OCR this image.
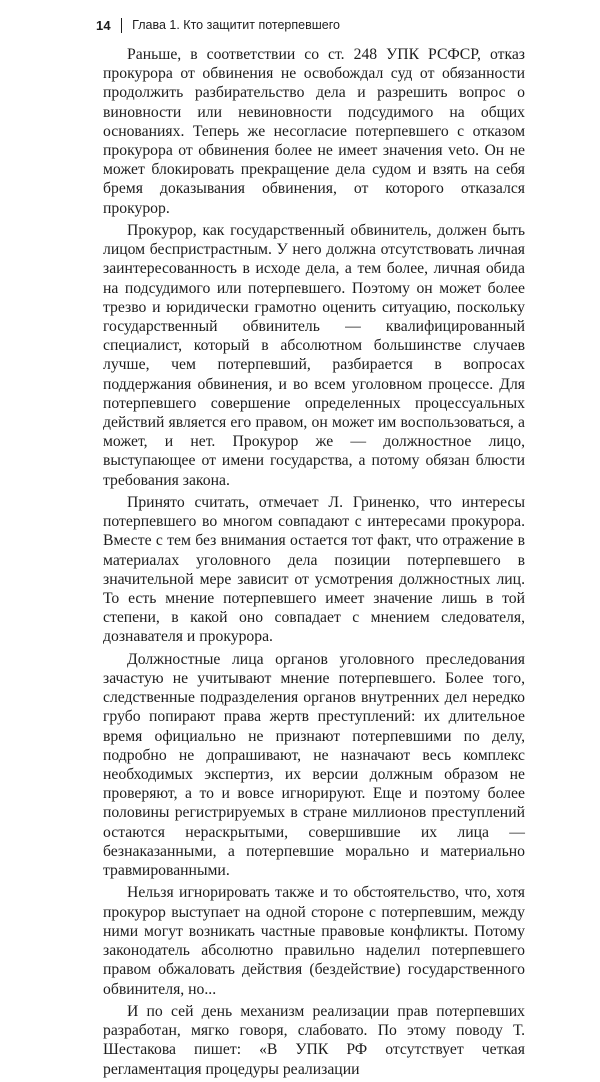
14 Глава 1. Кто защитит потерпевшего

Раньше, в соответствии со ст. 248 УПК РСФСР, отказ прокурора от обвинения не освобождал суд от обязанности продолжить разбирательство дела и разрешить вопрос о виновности или невиновности подсудимого на общих основаниях. Теперь же несогласие потерпевшего с отказом прокурора от обвинения более не имеет значения veto. Он не может блокировать прекращение дела судом и взять на себя бремя доказывания обвинения, от которого отказался прокурор.

Прокурор, как государственный обвинитель, должен быть лицом беспристрастным. У него должна отсутствовать личная заинтересованность в исходе дела, а тем более, личная обида на подсудимого или потерпевшего. Поэтому он может более трезво и юридически грамотно оценить ситуацию, поскольку государственный обвинитель — квалифицированный специалист, который в абсолютном большинстве случаев лучше, чем потерпевший, разбирается в вопросах поддержания обвинения, и во всем уголовном процессе. Для потерпевшего совершение определенных процессуальных действий является его правом, он может им воспользоваться, а может, и нет. Прокурор же — должностное лицо, выступающее от имени государства, а потому обязан блюсти требования закона.

Принято считать, отмечает Л. Гриненко, что интересы потерпевшего во многом совпадают с интересами прокурора. Вместе с тем без внимания остается тот факт, что отражение в материалах уголовного дела позиции потерпевшего в значительной мере зависит от усмотрения должностных лиц. То есть мнение потерпевшего имеет значение лишь в той степени, в какой оно совпадает с мнением следователя, дознавателя и прокурора.

Должностные лица органов уголовного преследования зачастую не учитывают мнение потерпевшего. Более того, следственные подразделения органов внутренних дел нередко грубо попирают права жертв преступлений: их длительное время официально не признают потерпевшими по делу, подробно не допрашивают, не назначают весь комплекс необходимых экспертиз, их версии должным образом не проверяют, а то и вовсе игнорируют. Еще и поэтому более половины регистрируемых в стране миллионов преступлений остаются нераскрытыми, совершившие их лица — безнаказанными, а потерпевшие морально и материально травмированными.

Нельзя игнорировать также и то обстоятельство, что, хотя прокурор выступает на одной стороне с потерпевшим, между ними могут возникать частные правовые конфликты. Потому законодатель абсолютно правильно наделил потерпевшего правом обжаловать действия (бездействие) государственного обвинителя, но...

И по сей день механизм реализации прав потерпевших разработан, мягко говоря, слабовато. По этому поводу Т. Шестакова пишет: «В УПК РФ отсутствует четкая регламентация процедуры реализации
